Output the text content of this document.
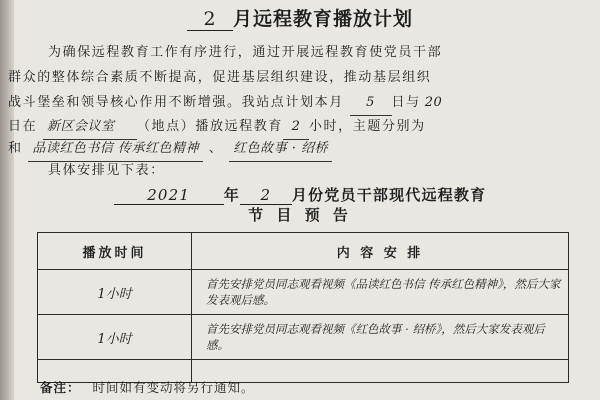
2 月远程教育播放计划
为确保远程教育工作有序进行，通过开展远程教育使党员干部
群众的整体综合素质不断提高，促进基层组织建设，推动基层组织
战斗堡垒和领导核心作用不断增强。我站点计划本月 5 日与 20
日在 新区会议室 （地点）播放远程教育 2 小时，主题分别为
和 品读红色书信 传承红色精神 、 红色故事 · 绍桥
具体安排见下表：
2021 年 2 月份党员干部现代远程教育
节 目 预 告
播放时间	内 容 安 排
1小时	首先安排党员同志观看视频《品读红色书信 传承红色精神》，然后大家发表观后感。
1小时	首先安排党员同志观看视频《红色故事 · 绍桥》，然后大家发表观后感。

备注： 时间如有变动将另行通知。
